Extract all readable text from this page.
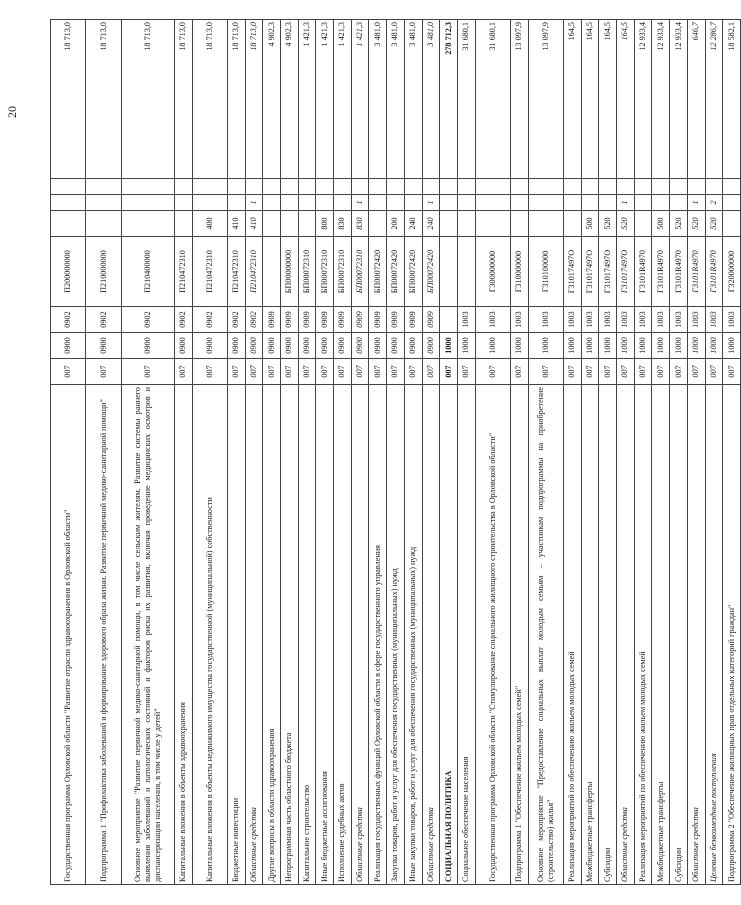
20
Государственная программа Орловской области "Развитие отрасли здравоохранения в Орловской области"	007	0900	0902	П200000000				18 713,0
Подпрограмма 1 "Профилактика заболеваний и формирование здорового образа жизни. Развитие первичной медико-санитарной помощи"	007	0900	0902	П210000000				18 713,0
Основное мероприятие "Развитие первичной медико-санитарной помощи, в том числе сельским жителям. Развитие системы раннего выявления заболеваний и патологических состояний и факторов риска их развития, включая проведение медицинских осмотров и диспансеризации населения, в том числе у детей"	007	0900	0902	П210400000				18 713,0
Капитальные вложения в объекты здравоохранения	007	0900	0902	П210472310				18 713,0
Капитальные вложения в объекты недвижимого имущества государственной (муниципальной) собственности	007	0900	0902	П210472310	400			18 713,0
Бюджетные инвестиции	007	0900	0902	П210472310	410			18 713,0
Областные средства	007	0900	0902	П210472310	410	1		18 713,0
Другие вопросы в области здравоохранения	007	0900	0909					4 902,3
Непрограммная часть областного бюджета	007	0900	0909	БП00000000				4 902,3
Капитальное строительство	007	0900	0909	БП00072310				1 421,3
Иные бюджетные ассигнования	007	0900	0909	БП00072310	800			1 421,3
Исполнение судебных актов	007	0900	0909	БП00072310	830			1 421,3
Областные средства	007	0900	0909	БП00072310	830	1		1 421,3
Реализация государственных функций Орловской области в сфере государственного управления	007	0900	0909	БП00072420				3 481,0
Закупка товаров, работ и услуг для обеспечения государственных (муниципальных) нужд	007	0900	0909	БП00072420	200			3 481,0
Иные закупки товаров, работ и услуг для обеспечения государственных (муниципальных) нужд	007	0900	0909	БП00072420	240			3 481,0
Областные средства	007	0900	0909	БП00072420	240	1		3 481,0
СОЦИАЛЬНАЯ ПОЛИТИКА	007	1000						278 712,3
Социальное обеспечение населения	007	1000	1003					31 680,1
Государственная программа Орловской области "Стимулирование социального жилищного строительства в Орловской области"	007	1000	1003	Г300000000				31 680,1
Подпрограмма 1 "Обеспечение жильем молодых семей"	007	1000	1003	Г310000000				13 097,9
Основное мероприятие "Предоставление социальных выплат молодым семьям – участникам подпрограммы на приобретение (строительство) жилья"	007	1000	1003	Г310100000				13 097,9
Реализация мероприятий по обеспечению жильем молодых семей	007	1000	1003	Г31017497О				164,5
Межбюджетные трансферты	007	1000	1003	Г31017497О	500			164,5
Субсидии	007	1000	1003	Г31017497О	520			164,5
Областные средства	007	1000	1003	Г31017497О	520	1		164,5
Реализация мероприятий по обеспечению жильем молодых семей	007	1000	1003	Г3101R4970				12 933,4
Межбюджетные трансферты	007	1000	1003	Г3101R4970	500			12 933,4
Субсидии	007	1000	1003	Г3101R4970	520			12 933,4
Областные средства	007	1000	1003	Г3101R4970	520	1		646,7
Целевые безвозмездные поступления	007	1000	1003	Г3101R4970	520	2		12 286,7
Подпрограмма 2 "Обеспечение жилищных прав отдельных категорий граждан"	007	1000	1003	Г320000000				18 582,1
